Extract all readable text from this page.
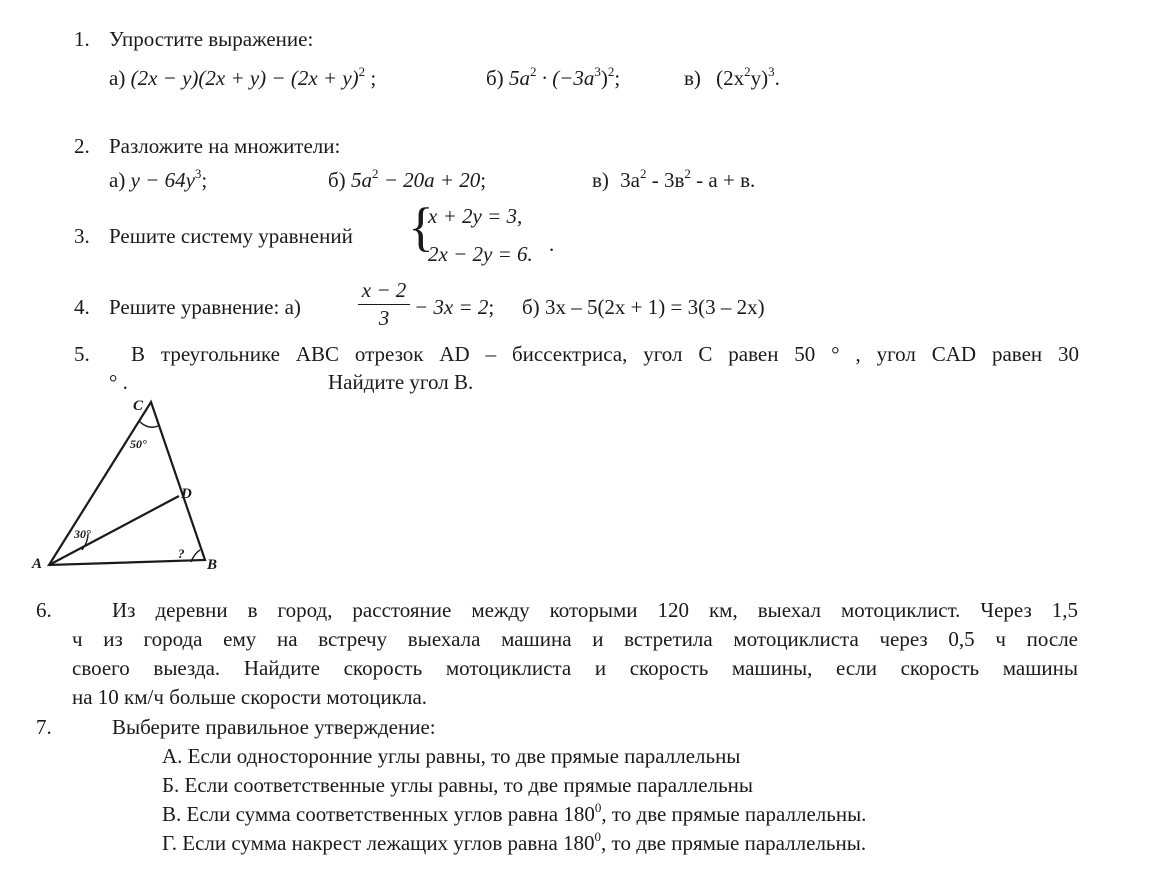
1. Упростите выражение:
а) $(2x - y)(2x + y) - (2x + y)^2$ ;	б) $5a^2 \cdot (-3a^3)^2$;	в) $(2x^2y)^3$.
2. Разложите на множители:
а) $y - 64y^3$;	б) $5a^2 - 20a + 20$;	в) $3a^2 - 3в^2 - а + в$.
3. Решите систему уравнений {
x + 2y = 3,
2x − 2y = 6. .
4. Решите уравнение: а)
x − 2
3	− 3x = 2; б) 3x – 5(2x + 1) = 3(3 – 2x)
5. В треугольнике АВС отрезок AD – биссектриса, угол С равен 50 ° , угол CAD равен 30
° .	Найдите угол В.
A	B
C
D
50°
30°
?
6.	Из деревни в город, расстояние между которыми 120 км, выехал мотоциклист. Через 1,5
ч из города ему на встречу выехала машина и встретила мотоциклиста через 0,5 ч после
своего выезда. Найдите скорость мотоциклиста и скорость машины, если скорость машины
на 10 км/ч больше скорости мотоцикла.
7.	Выберите правильное утверждение:
А. Если односторонние углы равны, то две прямые параллельны
Б. Если соответственные углы равны, то две прямые параллельны
В. Если сумма соответственных углов равна $180^0$, то две прямые параллельны.
Г. Если сумма накрест лежащих углов равна $180^0$, то две прямые параллельны.
